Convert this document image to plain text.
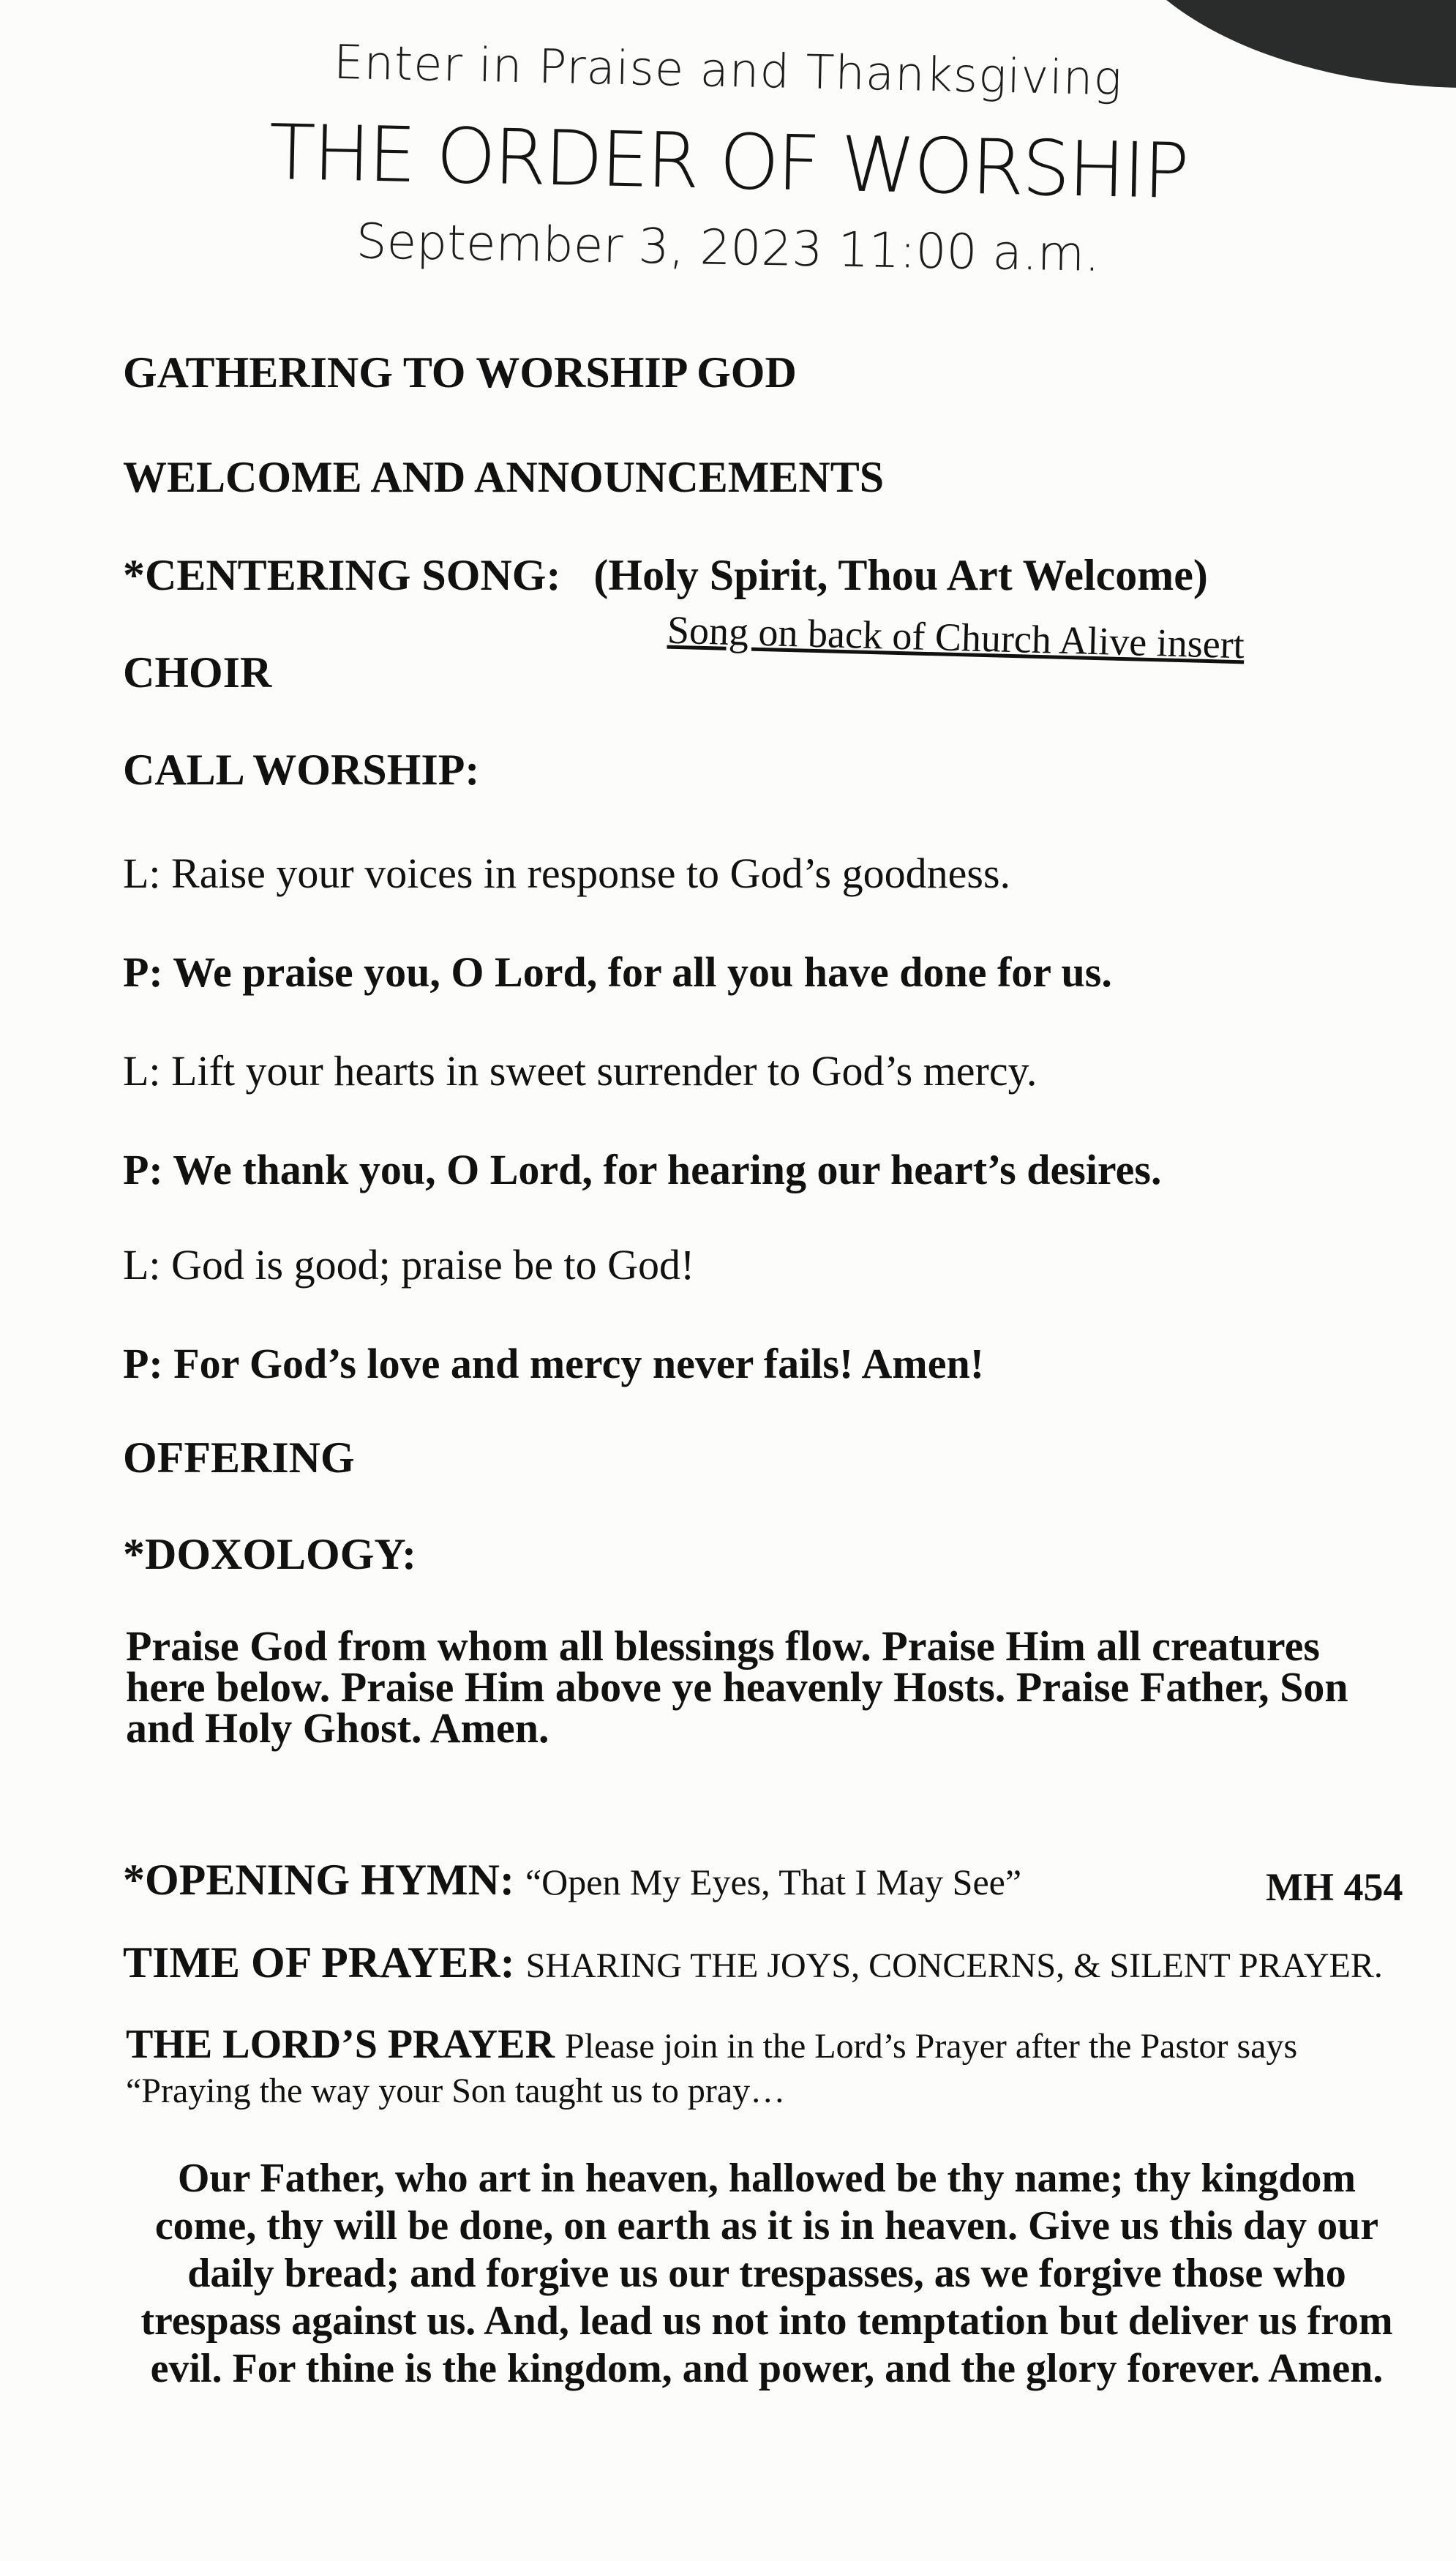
Enter in Praise and Thanksgiving
THE ORDER OF WORSHIP
September 3, 2023 11:00 a.m.
GATHERING TO WORSHIP GOD
WELCOME AND ANNOUNCEMENTS
*CENTERING SONG: (Holy Spirit, Thou Art Welcome)
Song on back of Church Alive insert
CHOIR
CALL WORSHIP:
L: Raise your voices in response to God’s goodness.
P: We praise you, O Lord, for all you have done for us.
L: Lift your hearts in sweet surrender to God’s mercy.
P: We thank you, O Lord, for hearing our heart’s desires.
L: God is good; praise be to God!
P: For God’s love and mercy never fails! Amen!
OFFERING
*DOXOLOGY:
Praise God from whom all blessings flow. Praise Him all creatures here below. Praise Him above ye heavenly Hosts. Praise Father, Son and Holy Ghost. Amen.
*OPENING HYMN: “Open My Eyes, That I May See”	MH 454
TIME OF PRAYER: SHARING THE JOYS, CONCERNS, & SILENT PRAYER.
THE LORD’S PRAYER Please join in the Lord’s Prayer after the Pastor says “Praying the way your Son taught us to pray…
Our Father, who art in heaven, hallowed be thy name; thy kingdom come, thy will be done, on earth as it is in heaven. Give us this day our daily bread; and forgive us our trespasses, as we forgive those who trespass against us. And, lead us not into temptation but deliver us from evil. For thine is the kingdom, and power, and the glory forever. Amen.
